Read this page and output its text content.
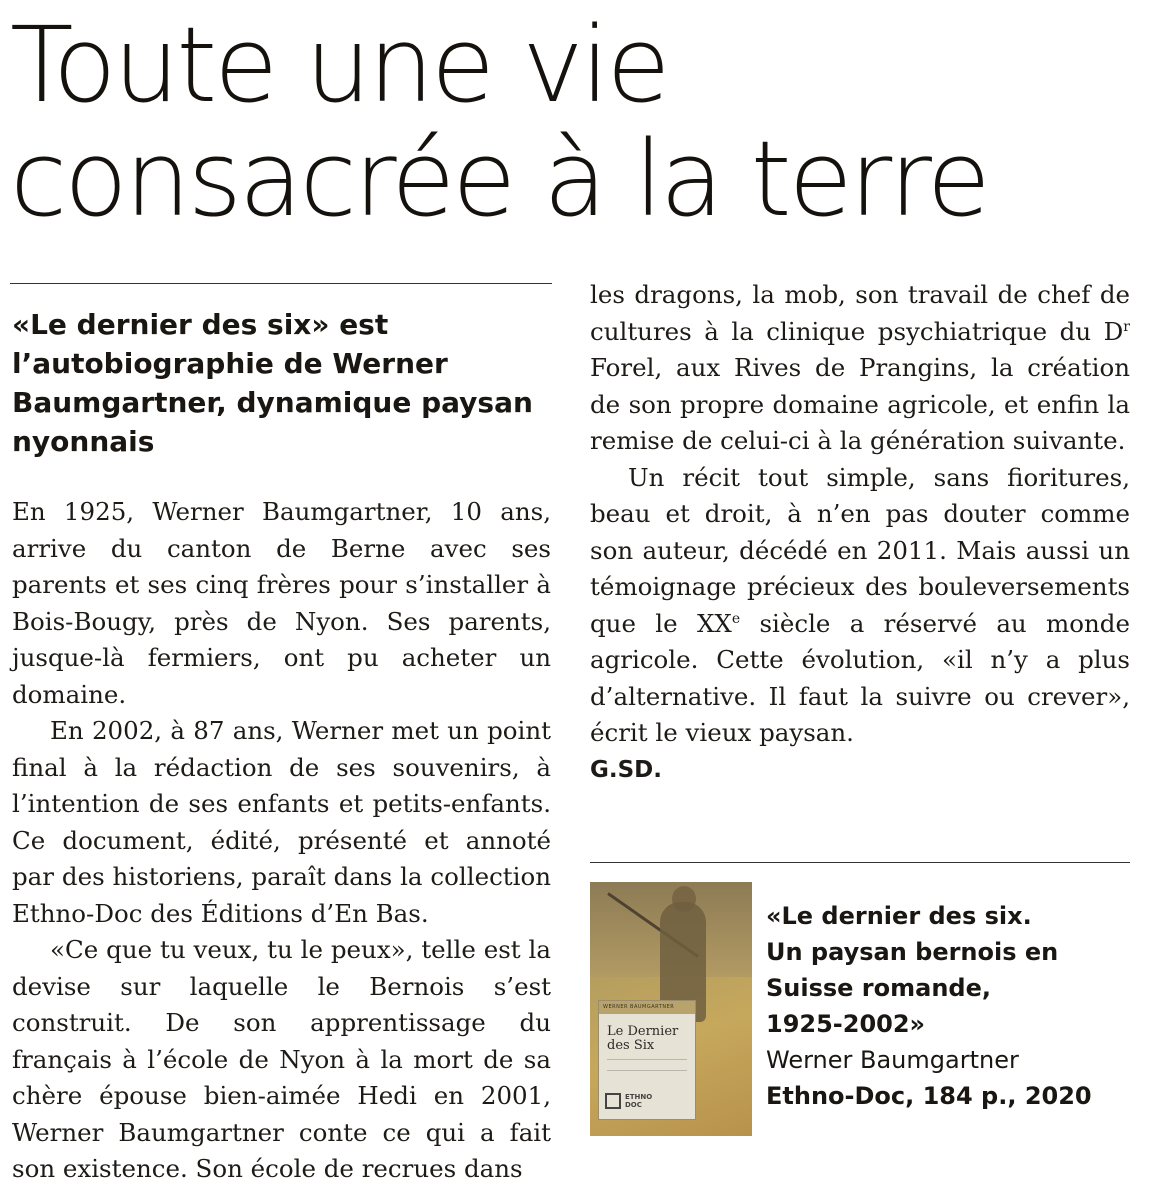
Toute une vie
consacrée à la terre

«Le dernier des six» est l’autobiographie de Werner Baumgartner, dynamique paysan nyonnais

En 1925, Werner Baumgartner, 10 ans, arrive du canton de Berne avec ses parents et ses cinq frères pour s’installer à Bois-Bougy, près de Nyon. Ses parents, jusque-là fermiers, ont pu acheter un domaine.

En 2002, à 87 ans, Werner met un point final à la rédaction de ses souvenirs, à l’intention de ses enfants et petits-enfants. Ce document, édité, présenté et annoté par des historiens, paraît dans la collection Ethno-Doc des Éditions d’En Bas.

«Ce que tu veux, tu le peux», telle est la devise sur laquelle le Bernois s’est construit. De son apprentissage du français à l’école de Nyon à la mort de sa chère épouse bien-aimée Hedi en 2001, Werner Baumgartner conte ce qui a fait son existence. Son école de recrues dans

les dragons, la mob, son travail de chef de cultures à la clinique psychiatrique du $D^r$ Forel, aux Rives de Prangins, la création de son propre domaine agricole, et enfin la remise de celui-ci à la génération suivante.

Un récit tout simple, sans fioritures, beau et droit, à n’en pas douter comme son auteur, décédé en 2011. Mais aussi un témoignage précieux des bouleversements que le XXe siècle a réservé au monde agricole. Cette évolution, «il n’y a plus d’alternative. Il faut la suivre ou crever», écrit le vieux paysan.

G.SD.

WERNER BAUMGARTNER
Le Dernier
des Six
ETHNO
DOC

«Le dernier des six.
Un paysan bernois en
Suisse romande,
1925-2002»

Werner Baumgartner

Ethno-Doc, 184 p., 2020
